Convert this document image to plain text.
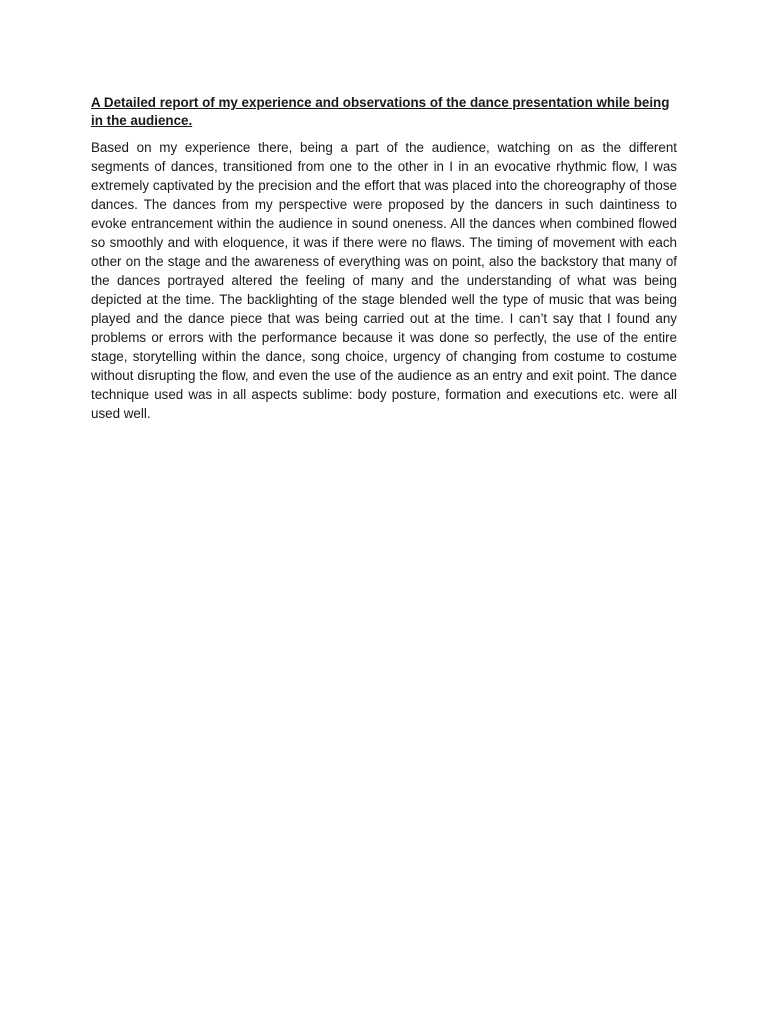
A Detailed report of my experience and observations of the dance presentation while being in the audience.

Based on my experience there, being a part of the audience, watching on as the different segments of dances, transitioned from one to the other in I in an evocative rhythmic flow, I was extremely captivated by the precision and the effort that was placed into the choreography of those dances. The dances from my perspective were proposed by the dancers in such daintiness to evoke entrancement within the audience in sound oneness. All the dances when combined flowed so smoothly and with eloquence, it was if there were no flaws. The timing of movement with each other on the stage and the awareness of everything was on point, also the backstory that many of the dances portrayed altered the feeling of many and the understanding of what was being depicted at the time. The backlighting of the stage blended well the type of music that was being played and the dance piece that was being carried out at the time. I can’t say that I found any problems or errors with the performance because it was done so perfectly, the use of the entire stage, storytelling within the dance, song choice, urgency of changing from costume to costume without disrupting the flow, and even the use of the audience as an entry and exit point. The dance technique used was in all aspects sublime: body posture, formation and executions etc. were all used well.
